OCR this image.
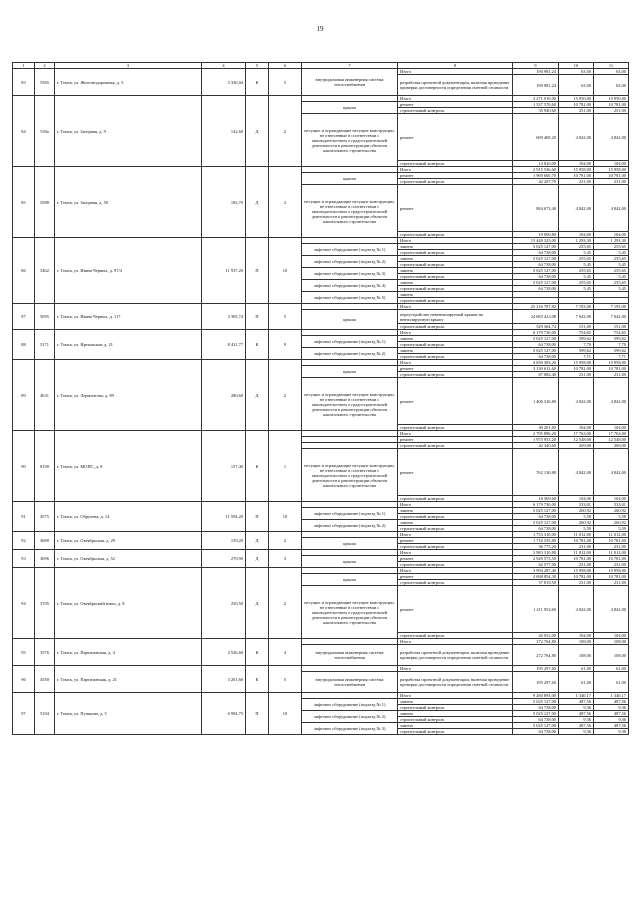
19
1	2	3	4	5	6	7	8	9	10	11
83	5565	г. Томск, ул. Железнодорожная, д. 5	5 330,04	К	5	внутридомовая инженерная система теплоснабжения	Итого	190 981,24	63,00	63,00
							разработка проектной документации, включая проведение проверки достоверности определения сметной стоимости	190 981,24	63,00	63,00
84	539а	г. Томск, ул. Загорная, д. 9	142,60	Д	2		Итого	2 271 010,00	15 950,00	15 950,00
						крыша	ремонт	1 537 570,60	10 781,00	10 781,00
							строительный контроль	35 940,60	251,00	251,00
						несущие и ограждающие несущие конструкции, не отнесенные в соответствии с законодательством о градостроительной деятельности к реконструкции объектов капитального строительства	ремонт	690 469,20	4 842,00	4 842,00
							строительный контроль	14 826,00	104,00	104,00
85	5588	г. Томск, ул. Загорная, д. 50	182,70	Д	2		Итого	2 915 536,60	15 958,00	15 958,00
						крыша	ремонт	1 969 660,70	10 781,00	10 781,00
							строительный контроль	42 207,70	231,00	231,00
						несущие и ограждающие несущие конструкции, не отнесенные в соответствии с законодательством о градостроительной деятельности к реконструкции объектов капитального строительства	ремонт	884 673,40	4 842,00	4 842,00
							строительный контроль	19 000,80	104,00	104,00
86	5462	г. Томск, ул. Ивана Черных, д. 97/4	11 937,20	П	10		Итого	15 449 325,00	1 293,30	1 293,30
						лифтовое оборудование (подъезд № 1)	замена	5 025 127,00	255,65	255,65
							строительный контроль	64 738,00	5,45	5,45
						лифтовое оборудование (подъезд № 2)	замена	5 025 127,00	255,65	255,65
							строительный контроль	64 738,00	5,45	5,45
						лифтовое оборудование (подъезд № 3)	замена	5 025 127,00	255,65	255,65
							строительный контроль	64 738,00	5,45	5,45
						лифтовое оборудование (подъезд № 4)	замена	5 025 127,00	255,65	255,65
							строительный контроль	64 738,00	5,45	5,45
						лифтовое оборудование (подъезд № 5)	замена			
							строительный контроль			
87	5095	г. Томск, ул. Ивана Черных, д. 117	3 305,74	П	5		Итого	25 216 787,82	7 193,00	7 193,00
						крыша	переустройство невентилируемой крыши на вентилируемую крышу	24 683 423,08	7 042,00	7 042,00
							строительный контроль	529 364,74	151,00	151,00
88	5171	г. Томск, ул. Иртышская, д. 21	8 431,77	К	9		Итого	6 179 730,00	754,65	754,65
						лифтовое оборудование (подъезд № 1)	замена	5 025 127,00	599,62	599,62
							строительный контроль	64 738,00	7,70	7,70
						лифтовое оборудование (подъезд № 2)	замена	5 025 127,00	599,62	599,62
							строительный контроль	64 738,00	7,71	7,71
89	4631	г. Томск, ул. Лермонтова, д. 89	280,60	Д	2		Итого	4 650 383,20	15 958,00	15 958,00
						крыша	ремонт	3 130 612,60	10 781,00	10 781,00
							строительный контроль	67 082,40	231,00	231,00
						несущие и ограждающие несущие конструкции, не отнесенные в соответствии с законодательством о градостроительной деятельности к реконструкции объектов капитального строительства	ремонт	1 406 316,80	4 842,00	4 842,00
							строительный контроль	30 201,60	104,00	104,00
90	8198	г. Томск, ул. МОПС, д. 8	157,40	К	1		Итого	2 795 896,20	17 763,00	17 763,00
							ремонт	1 975 955,20	12 548,00	12 548,00
							строительный контроль	42 340,60	269,00	269,00
						несущие и ограждающие несущие конструкции, не отнесенные в соответствии с законодательством о градостроительной деятельности к реконструкции объектов капитального строительства	ремонт	762 130,80	4 842,00	4 842,00
							строительный контроль	16 369,60	104,00	104,00
91	4575	г. Томск, ул. Обручева, д. 14	11 594,20	П	10		Итого	6 179 730,00	533,01	533,01
						лифтовое оборудование (подъезд № 1)	замена	5 025 127,00	260,92	260,92
							строительный контроль	64 738,00	5,58	5,58
						лифтовое оборудование (подъезд № 2)	замена	5 025 127,00	260,92	260,92
							строительный контроль	64 738,00	5,59	5,59
92	3680	г. Томск, ул. Октябрьская, д. 29	159,20	Д	2		Итого	1 753 310,00	11 012,00	11 012,00
						крыша	ремонт	1 716 535,80	10 781,00	10 781,00
							строительный контроль	36 775,20	231,00	231,00
93	3696	г. Томск, ул. Октябрьская, д. 52	270,90	Д	3		Итого	2 983 310,80	11 012,00	11 012,00
						крыша	ремонт	2 920 573,50	10 781,00	10 781,00
							строительный контроль	62 577,90	231,00	231,00
94	3705	г. Томск, ул. Октябрьский взвоз, д. 8	250,50	Д	2		Итого	3 994 287,40	15 958,00	15 958,00
						крыша	ремонт	2 698 854,30	10 781,00	10 781,00
							строительный контроль	57 819,50	231,00	231,00
						несущие и ограждающие несущие конструкции, не отнесенные в соответствии с законодательством о градостроительной деятельности к реконструкции объектов капитального строительства	ремонт	1 211 952,60	4 842,00	4 842,00
							строительный контроль	26 052,00	104,00	104,00
95	3576	г. Томск, ул. Партизанская, д. 4	2 526,60	К	4		Итого	272 764,80	108,00	108,00
						внутридомовая инженерная система теплоснабжения	разработка проектной документации, включая проведение проверки достоверности определения сметной стоимости	272 764,80	108,00	108,00
96	4550	г. Томск, ул. Партизанская, д. 21	3 201,60	К	5		Итого	195 297,60	61,00	61,00
						внутридомовая инженерная система теплоснабжения	разработка проектной документации, включая проведение проверки достоверности определения сметной стоимости	195 297,60	61,00	61,00
97	5194	г. Томск, ул. Пушкина, д. 5	6 994,75	П	10		Итого	9 260 893,00	1 340,17	1 340,17
						лифтовое оборудование (подъезд № 1)	замена	5 025 127,00	487,56	487,56
							строительный контроль	64 738,00	9,36	9,36
						лифтовое оборудование (подъезд № 2)	замена	5 025 127,00	487,56	487,56
							строительный контроль	64 738,00	9,36	9,36
						лифтовое оборудование (подъезд № 3)	замена	5 025 127,00	487,56	487,56
							строительный контроль	64 738,00	9,36	9,36
